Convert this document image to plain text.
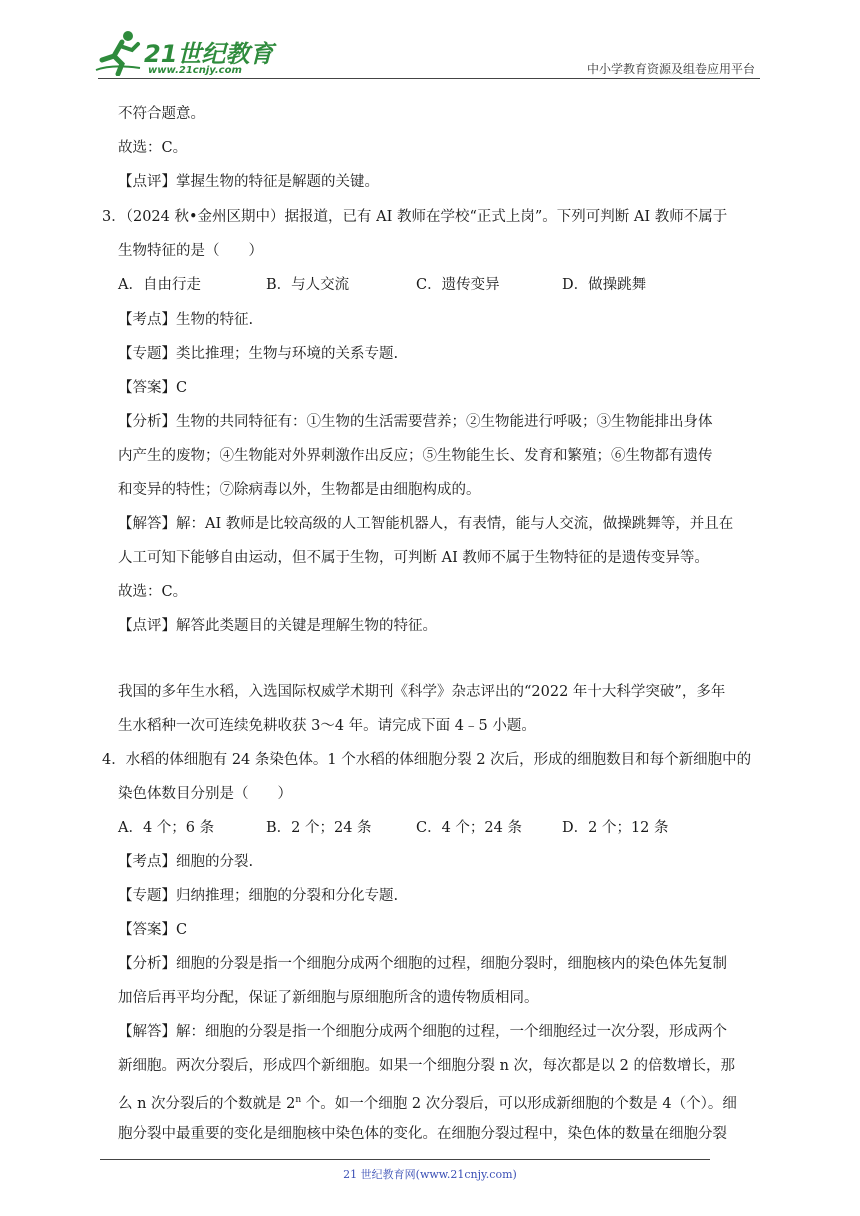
21世纪教育
www.21cnjy.com	中小学教育资源及组卷应用平台
不符合题意。
故选：C。
【点评】掌握生物的特征是解题的关键。
3．（2024 秋•金州区期中）据报道，已有 AI 教师在学校“正式上岗”。下列可判断 AI 教师不属于
生物特征的是（　　）
A．自由行走	B．与人交流	C．遗传变异	D．做操跳舞
【考点】生物的特征.
【专题】类比推理；生物与环境的关系专题.
【答案】C
【分析】生物的共同特征有：①生物的生活需要营养；②生物能进行呼吸；③生物能排出身体
内产生的废物；④生物能对外界刺激作出反应；⑤生物能生长、发育和繁殖；⑥生物都有遗传
和变异的特性；⑦除病毒以外，生物都是由细胞构成的。
【解答】解：AI 教师是比较高级的人工智能机器人，有表情，能与人交流，做操跳舞等，并且在
人工可知下能够自由运动，但不属于生物，可判断 AI 教师不属于生物特征的是遗传变异等。
故选：C。
【点评】解答此类题目的关键是理解生物的特征。
我国的多年生水稻，入选国际权威学术期刊《科学》杂志评出的“2022 年十大科学突破”，多年
生水稻种一次可连续免耕收获 3～4 年。请完成下面 4﹣5 小题。
4．水稻的体细胞有 24 条染色体。1 个水稻的体细胞分裂 2 次后，形成的细胞数目和每个新细胞中的
染色体数目分别是（　　）
A．4 个；6 条	B．2 个；24 条	C．4 个；24 条	D．2 个；12 条
【考点】细胞的分裂.
【专题】归纳推理；细胞的分裂和分化专题.
【答案】C
【分析】细胞的分裂是指一个细胞分成两个细胞的过程，细胞分裂时，细胞核内的染色体先复制
加倍后再平均分配，保证了新细胞与原细胞所含的遗传物质相同。
【解答】解：细胞的分裂是指一个细胞分成两个细胞的过程，一个细胞经过一次分裂，形成两个
新细胞。两次分裂后，形成四个新细胞。如果一个细胞分裂 n 次，每次都是以 2 的倍数增长，那
么 n 次分裂后的个数就是 2$^n$ 个。如一个细胞 2 次分裂后，可以形成新细胞的个数是 4（个）。细
胞分裂中最重要的变化是细胞核中染色体的变化。在细胞分裂过程中，染色体的数量在细胞分裂
21 世纪教育网(www.21cnjy.com)
